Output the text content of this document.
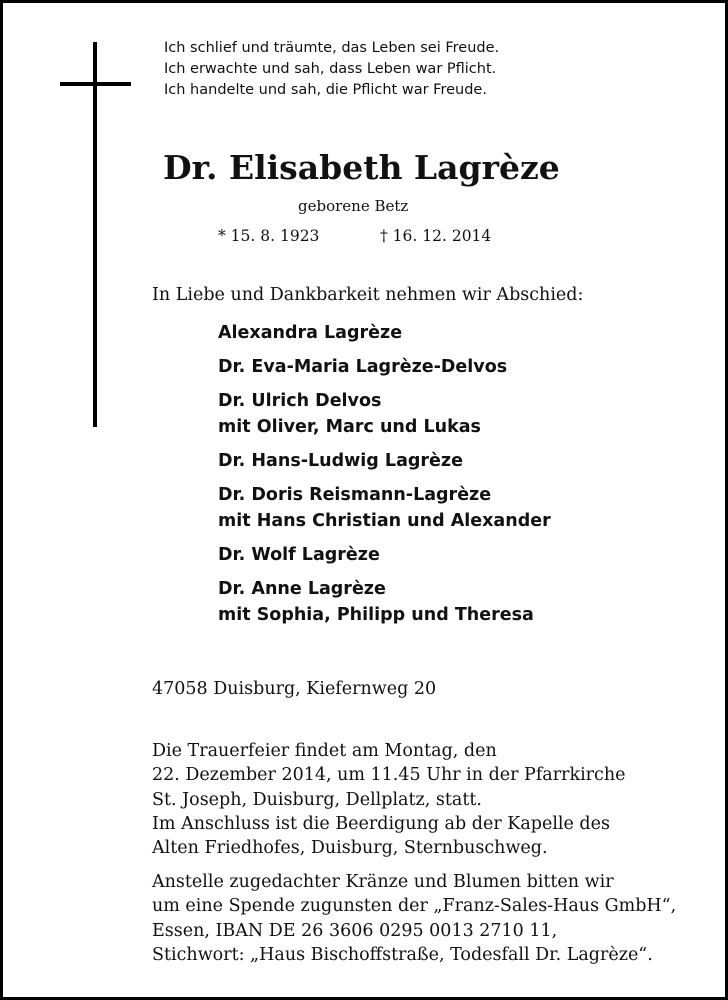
Ich schlief und träumte, das Leben sei Freude.
Ich erwachte und sah, dass Leben war Pflicht.
Ich handelte und sah, die Pflicht war Freude.
Dr. Elisabeth Lagrèze
geborene Betz
* 15. 8. 1923	† 16. 12. 2014
In Liebe und Dankbarkeit nehmen wir Abschied:
Alexandra Lagrèze
Dr. Eva-Maria Lagrèze-Delvos
Dr. Ulrich Delvos
mit Oliver, Marc und Lukas
Dr. Hans-Ludwig Lagrèze
Dr. Doris Reismann-Lagrèze
mit Hans Christian und Alexander
Dr. Wolf Lagrèze
Dr. Anne Lagrèze
mit Sophia, Philipp und Theresa
47058 Duisburg, Kiefernweg 20
Die Trauerfeier findet am Montag, den
22. Dezember 2014, um 11.45 Uhr in der Pfarrkirche
St. Joseph, Duisburg, Dellplatz, statt.
Im Anschluss ist die Beerdigung ab der Kapelle des
Alten Friedhofes, Duisburg, Sternbuschweg.
Anstelle zugedachter Kränze und Blumen bitten wir
um eine Spende zugunsten der „Franz-Sales-Haus GmbH“,
Essen, IBAN DE 26 3606 0295 0013 2710 11,
Stichwort: „Haus Bischoffstraße, Todesfall Dr. Lagrèze“.
